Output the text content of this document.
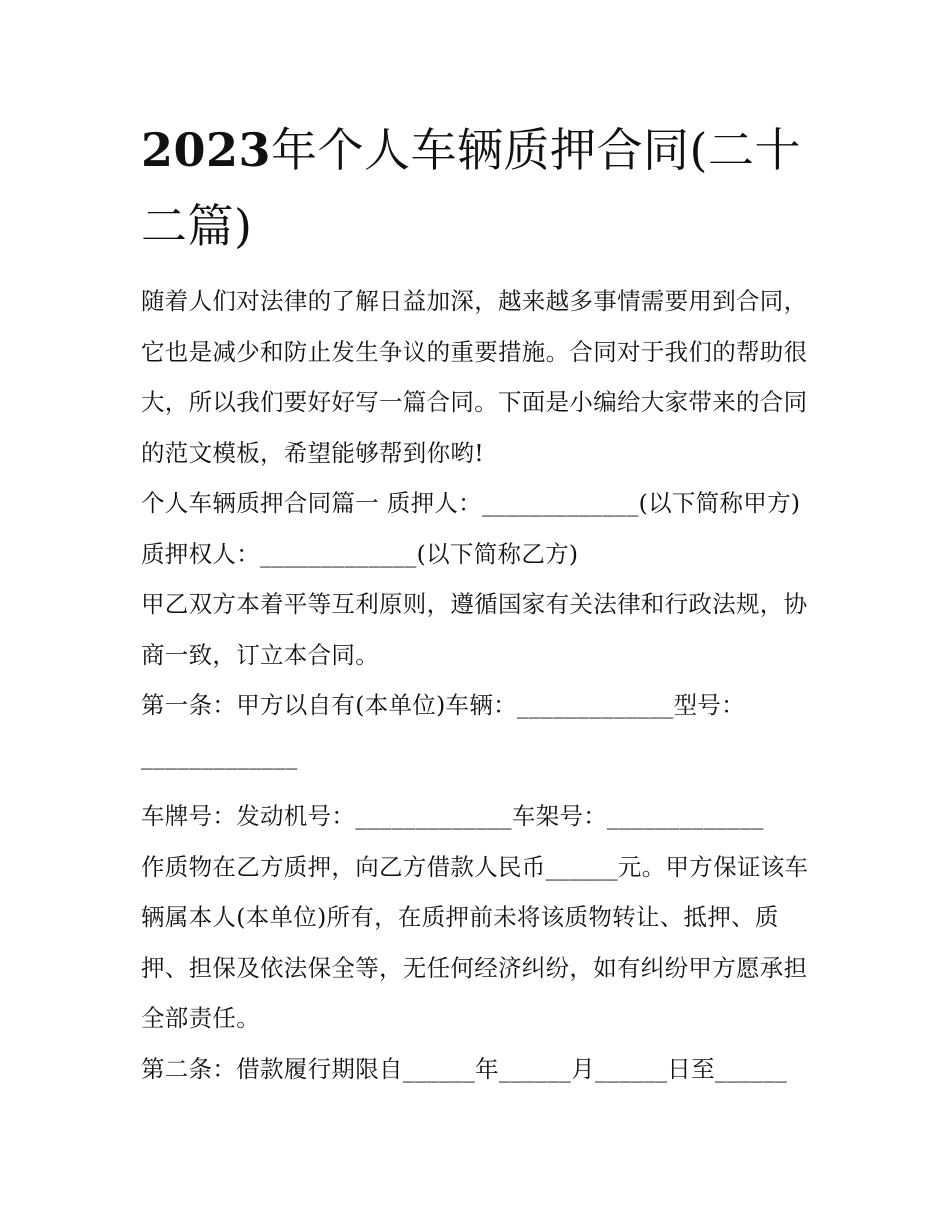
2023年个人车辆质押合同(二十二篇)

随着人们对法律的了解日益加深，越来越多事情需要用到合同，它也是减少和防止发生争议的重要措施。合同对于我们的帮助很大，所以我们要好好写一篇合同。下面是小编给大家带来的合同的范文模板，希望能够帮到你哟!

个人车辆质押合同篇一 质押人：_____________(以下简称甲方) 质押权人：_____________(以下简称乙方)

甲乙双方本着平等互利原则，遵循国家有关法律和行政法规，协商一致，订立本合同。

第一条：甲方以自有(本单位)车辆：_____________型号：_____________

车牌号：发动机号：_____________车架号：_____________

作质物在乙方质押，向乙方借款人民币______元。甲方保证该车辆属本人(本单位)所有，在质押前未将该质物转让、抵押、质押、担保及依法保全等，无任何经济纠纷，如有纠纷甲方愿承担全部责任。

第二条：借款履行期限自______年______月______日至______
